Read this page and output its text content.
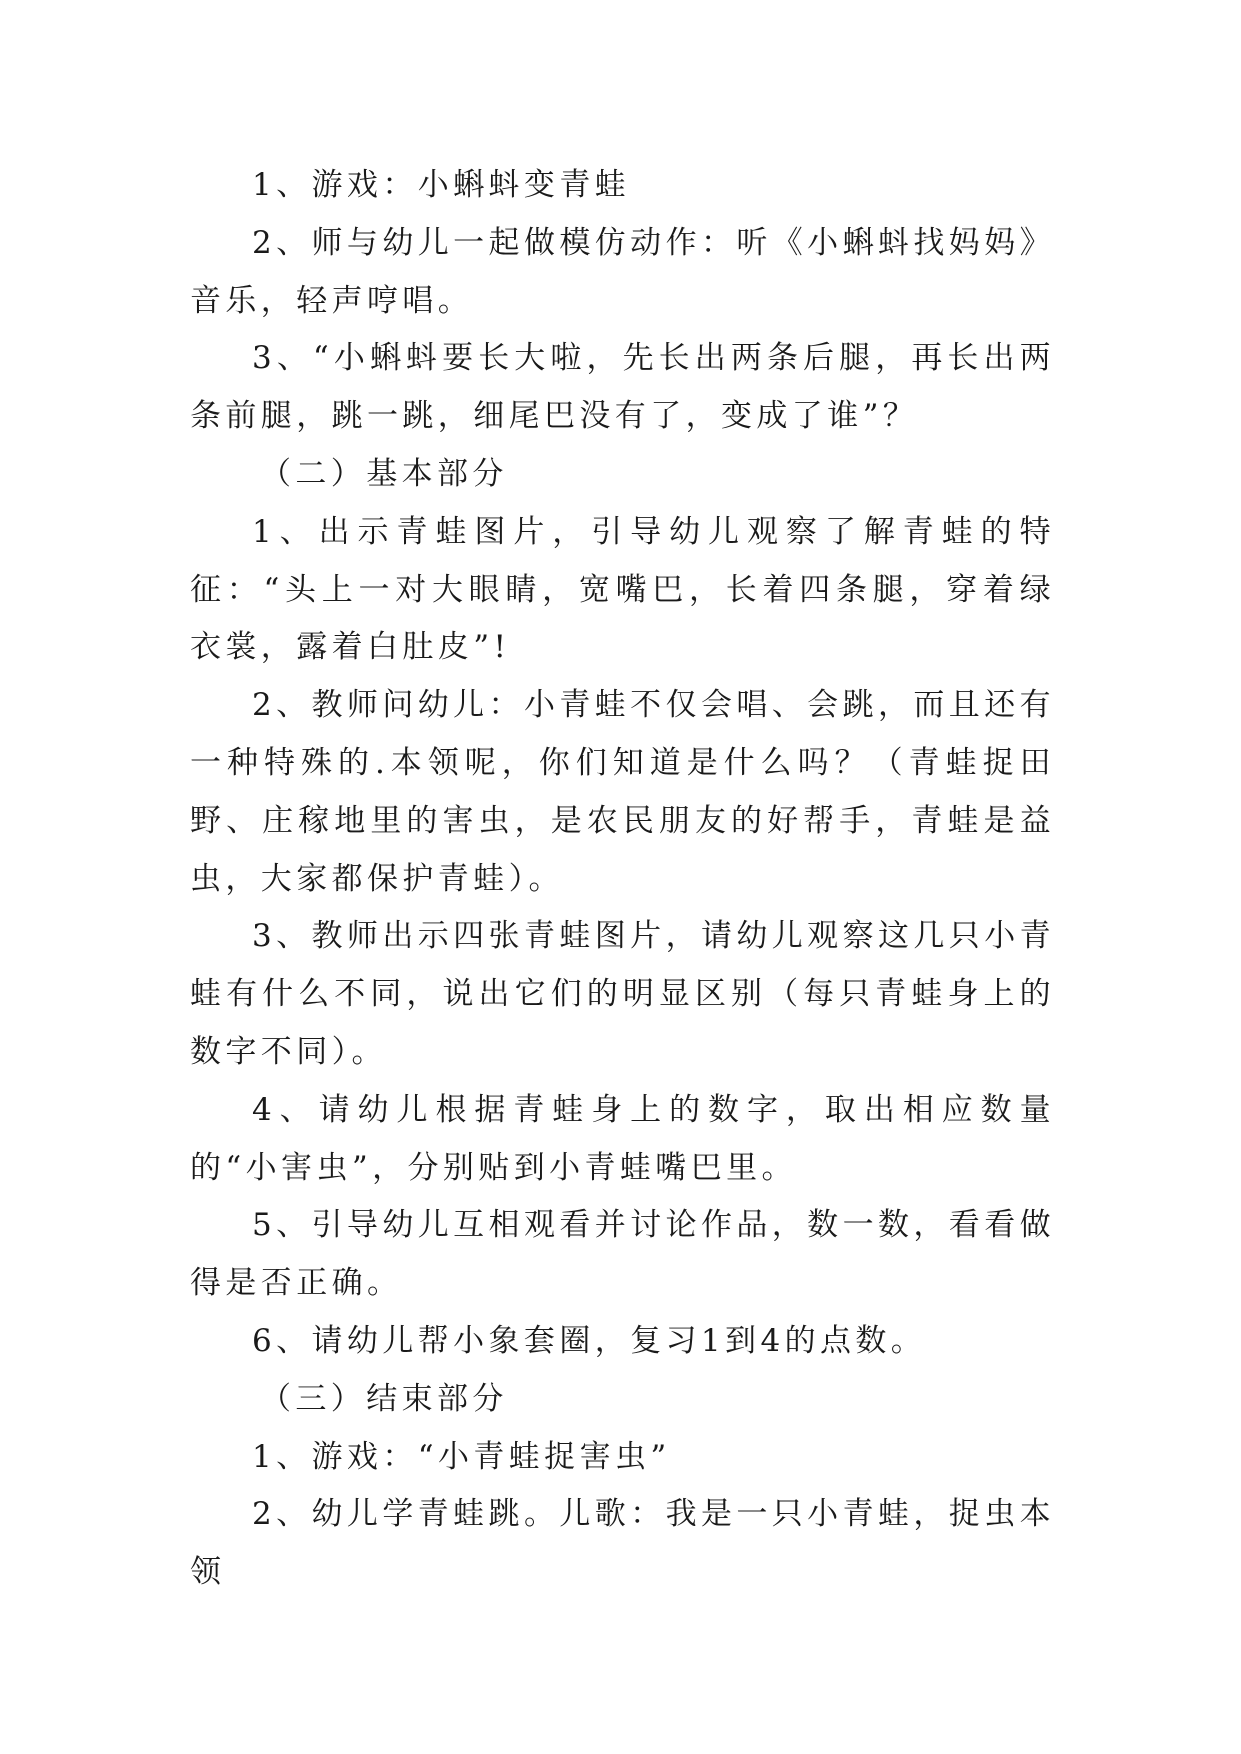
1、游戏：小蝌蚪变青蛙

2、师与幼儿一起做模仿动作：听《小蝌蚪找妈妈》音乐，轻声哼唱。

3、“小蝌蚪要长大啦，先长出两条后腿，再长出两条前腿，跳一跳，细尾巴没有了，变成了谁”？

（二）基本部分

1、出示青蛙图片，引导幼儿观察了解青蛙的特征：“头上一对大眼睛，宽嘴巴，长着四条腿，穿着绿衣裳，露着白肚皮”!

2、教师问幼儿：小青蛙不仅会唱、会跳，而且还有一种特殊的.本领呢，你们知道是什么吗？（青蛙捉田野、庄稼地里的害虫，是农民朋友的好帮手，青蛙是益虫，大家都保护青蛙）。

3、教师出示四张青蛙图片，请幼儿观察这几只小青蛙有什么不同，说出它们的明显区别（每只青蛙身上的数字不同）。

4、请幼儿根据青蛙身上的数字，取出相应数量的“小害虫”，分别贴到小青蛙嘴巴里。

5、引导幼儿互相观看并讨论作品，数一数，看看做得是否正确。

6、请幼儿帮小象套圈，复习1到4的点数。

（三）结束部分

1、游戏：“小青蛙捉害虫”

2、幼儿学青蛙跳。儿歌：我是一只小青蛙，捉虫本领
